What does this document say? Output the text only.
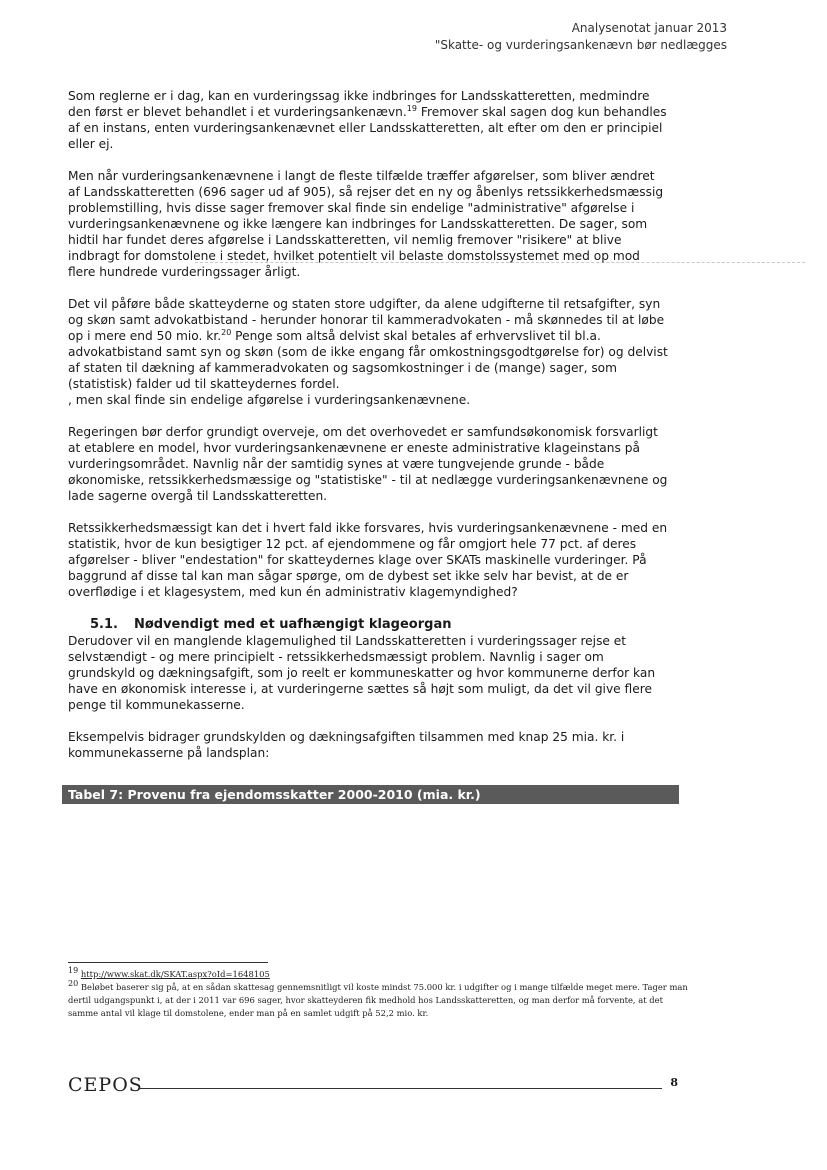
Analysenotat januar 2013
"Skatte- og vurderingsankenævn bør nedlægges

Som reglerne er i dag, kan en vurderingssag ikke indbringes for Landsskatteretten, medmindre den først er blevet behandlet i et vurderingsankenævn.$^{19}$ Fremover skal sagen dog kun behandles af en instans, enten vurderingsankenævnet eller Landsskatteretten, alt efter om den er principiel eller ej.

Men når vurderingsankenævnene i langt de fleste tilfælde træffer afgørelser, som bliver ændret af Landsskatteretten (696 sager ud af 905), så rejser det en ny og åbenlys retssikkerhedsmæssig problemstilling, hvis disse sager fremover skal finde sin endelige "administrative" afgørelse i vurderingsankenævnene og ikke længere kan indbringes for Landsskatteretten. De sager, som hidtil har fundet deres afgørelse i Landsskatteretten, vil nemlig fremover "risikere" at blive indbragt for domstolene i stedet, hvilket potentielt vil belaste domstolssystemet med op mod flere hundrede vurderingssager årligt.

Det vil påføre både skatteyderne og staten store udgifter, da alene udgifterne til retsafgifter, syn og skøn samt advokatbistand - herunder honorar til kammeradvokaten - må skønnedes til at løbe op i mere end 50 mio. kr.$^{20}$ Penge som altså delvist skal betales af erhvervslivet til bl.a. advokatbistand samt syn og skøn (som de ikke engang får omkostningsgodtgørelse for) og delvist af staten til dækning af kammeradvokaten og sagsomkostninger i de (mange) sager, som (statistisk) falder ud til skatteydernes fordel.
, men skal finde sin endelige afgørelse i vurderingsankenævnene.

Regeringen bør derfor grundigt overveje, om det overhovedet er samfundsøkonomisk forsvarligt at etablere en model, hvor vurderingsankenævnene er eneste administrative klageinstans på vurderingsområdet. Navnlig når der samtidig synes at være tungvejende grunde - både økonomiske, retssikkerhedsmæssige og "statistiske" - til at nedlægge vurderingsankenævnene og lade sagerne overgå til Landsskatteretten.

Retssikkerhedsmæssigt kan det i hvert fald ikke forsvares, hvis vurderingsankenævnene - med en statistik, hvor de kun besigtiger 12 pct. af ejendommene og får omgjort hele 77 pct. af deres afgørelser - bliver "endestation" for skatteydernes klage over SKATs maskinelle vurderinger. På baggrund af disse tal kan man sågar spørge, om de dybest set ikke selv har bevist, at de er overflødige i et klagesystem, med kun én administrativ klagemyndighed?

5.1. Nødvendigt med et uafhængigt klageorgan

Derudover vil en manglende klagemulighed til Landsskatteretten i vurderingssager rejse et selvstændigt - og mere principielt - retssikkerhedsmæssigt problem. Navnlig i sager om grundskyld og dækningsafgift, som jo reelt er kommuneskatter og hvor kommunerne derfor kan have en økonomisk interesse i, at vurderingerne sættes så højt som muligt, da det vil give flere penge til kommunekasserne.

Eksempelvis bidrager grundskylden og dækningsafgiften tilsammen med knap 25 mia. kr. i kommunekasserne på landsplan:

Tabel 7: Provenu fra ejendomsskatter 2000-2010 (mia. kr.)

$^{19}$ http://www.skat.dk/SKAT.aspx?oId=1648105

$^{20}$ Beløbet baserer sig på, at en sådan skattesag gennemsnitligt vil koste mindst 75.000 kr. i udgifter og i mange tilfælde meget mere. Tager man dertil udgangspunkt i, at der i 2011 var 696 sager, hvor skatteyderen fik medhold hos Landsskatteretten, og man derfor må forvente, at det samme antal vil klage til domstolene, ender man på en samlet udgift på 52,2 mio. kr.

CEPOS	8
